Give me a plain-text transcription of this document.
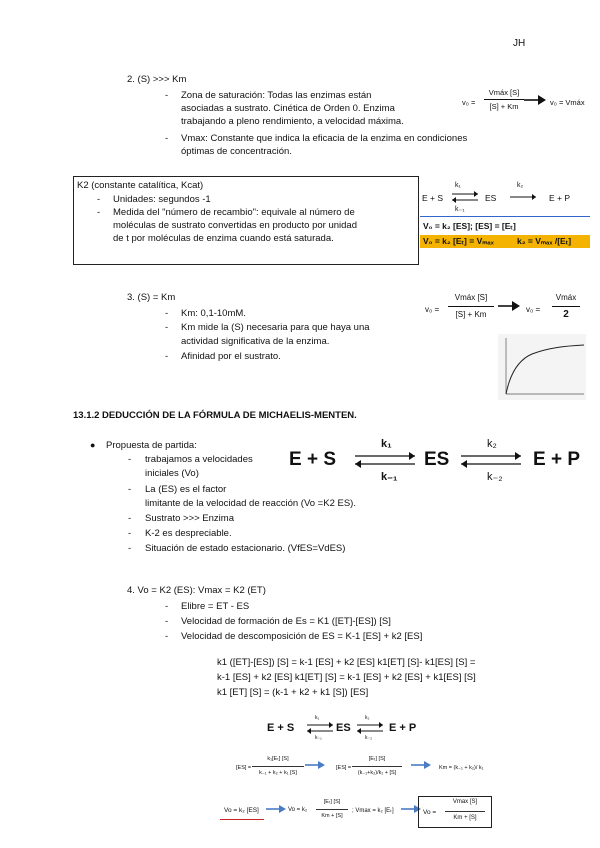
JH
2. (S) >>> Km
- Zona de saturación: Todas las enzimas están
asociadas a sustrato. Cinética de Orden 0. Enzima
trabajando a pleno rendimiento, a velocidad máxima.
- Vmax: Constante que indica la eficacia de la enzima en condiciones
óptimas de concentración.
v₀ =
Vmáx [S]
[S] + Km	v₀ = Vmáx
K2 (constante catalítica, Kcat)
- Unidades: segundos -1
- Medida del "número de recambio": equivale al número de
moléculas de sustrato convertidas en producto por unidad
de t por moléculas de enzima cuando está saturada.
E + S
k₁
k₋₁
ES
k₂
E + P
V₀ = k₂ [ES]; [ES] = [Eₜ]
V₀ = k₂ [Eₜ] = Vₘₐₓ	k₂ = Vₘₐₓ /[Eₜ]
3. (S) = Km
- Km: 0,1-10mM.
- Km mide la (S) necesaria para que haya una
actividad significativa de la enzima.
- Afinidad por el sustrato.
v₀ =
Vmáx [S]
[S] + Km
v₀ =
Vmáx
2
13.1.2 DEDUCCIÓN DE LA FÓRMULA DE MICHAELIS-MENTEN.
● Propuesta de partida:
- trabajamos a velocidades
iniciales (Vo)
- La (ES) es el factor
limitante de la velocidad de reacción (Vo =K2 ES).
- Sustrato >>> Enzima
- K-2 es despreciable.
- Situación de estado estacionario. (VfES=VdES)
E + S
k₁
k₋₁
ES
k₂
k₋₂
E + P
4. Vo = K2 (ES): Vmax = K2 (ET)
- Elibre = ET - ES
- Velocidad de formación de Es = K1 ([ET]-[ES]) [S]
- Velocidad de descomposición de ES = K-1 [ES] + k2 [ES]
k1 ([ET]-[ES]) [S] = k-1 [ES] + k2 [ES] k1[ET] [S]- k1[ES] [S] =
k-1 [ES] + k2 [ES] k1[ET] [S] = k-1 [ES] + k2 [ES] + k1[ES] [S]
k1 [ET] [S] = (k-1 + k2 + k1 [S]) [ES]
E + S
k₁
k₋₁
ES
k₂
k₋₂
E + P
[ES] =
k₁[Eₜ] [S]
k₋₁ + k₂ + k₁ [S]
[ES] =
[Eₜ] [S]
(k₋₁+k₂)/k₁ + [S]
Km = (k₋₁ + k₂)/ k₁
Vo = k₂ [ES]	Vo = k₂
[Eₜ] [S]
Km + [S]
; Vmax = k₂ [Eₜ]	Vo =
Vmax [S]
Km + [S]
